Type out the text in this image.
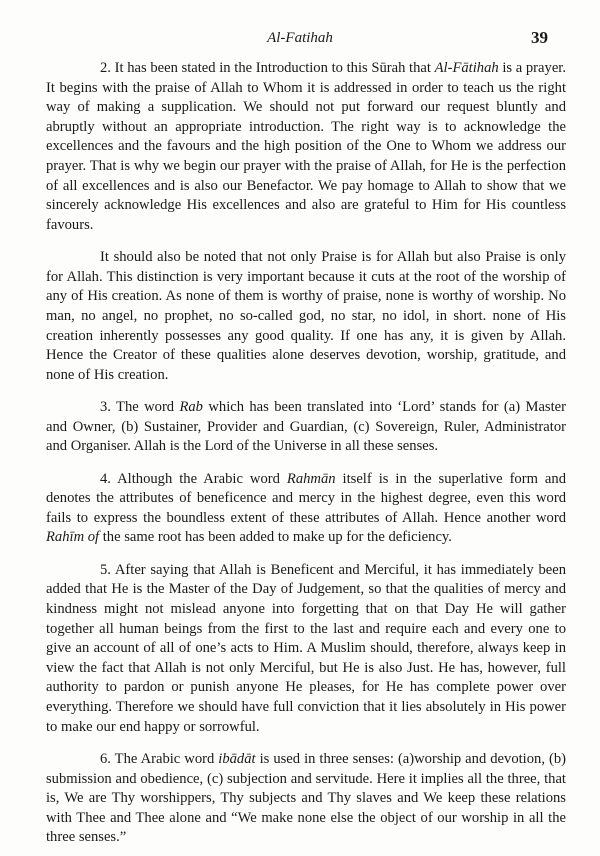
Al-Fatihah	39

2. It has been stated in the Introduction to this Sūrah that Al-Fātihah is a prayer. It begins with the praise of Allah to Whom it is addressed in order to teach us the right way of making a supplication. We should not put forward our request bluntly and abruptly without an appropriate introduction. The right way is to acknowledge the excellences and the favours and the high position of the One to Whom we address our prayer. That is why we begin our prayer with the praise of Allah, for He is the perfection of all excellences and is also our Benefactor. We pay homage to Allah to show that we sincerely acknowledge His excellences and also are grateful to Him for His countless favours.

It should also be noted that not only Praise is for Allah but also Praise is only for Allah. This distinction is very important because it cuts at the root of the worship of any of His creation. As none of them is worthy of praise, none is worthy of worship. No man, no angel, no prophet, no so-called god, no star, no idol, in short. none of His creation inherently possesses any good quality. If one has any, it is given by Allah. Hence the Creator of these qualities alone deserves devotion, worship, gratitude, and none of His creation.

3. The word Rab which has been translated into ‘Lord’ stands for (a) Master and Owner, (b) Sustainer, Provider and Guardian, (c) Sovereign, Ruler, Administrator and Organiser. Allah is the Lord of the Universe in all these senses.

4. Although the Arabic word Rahmān itself is in the superlative form and denotes the attributes of beneficence and mercy in the highest degree, even this word fails to express the boundless extent of these attributes of Allah. Hence another word Rahīm of the same root has been added to make up for the deficiency.

5. After saying that Allah is Beneficent and Merciful, it has immediately been added that He is the Master of the Day of Judgement, so that the qualities of mercy and kindness might not mislead anyone into forgetting that on that Day He will gather together all human beings from the first to the last and require each and every one to give an account of all of one’s acts to Him. A Muslim should, therefore, always keep in view the fact that Allah is not only Merciful, but He is also Just. He has, however, full authority to pardon or punish anyone He pleases, for He has complete power over everything. Therefore we should have full conviction that it lies absolutely in His power to make our end happy or sorrowful.

6. The Arabic word ibādāt is used in three senses: (a)worship and devotion, (b) submission and obedience, (c) subjection and servitude. Here it implies all the three, that is, We are Thy worshippers, Thy subjects and Thy slaves and We keep these relations with Thee and Thee alone and “We make none else the object of our worship in all the three senses.”
